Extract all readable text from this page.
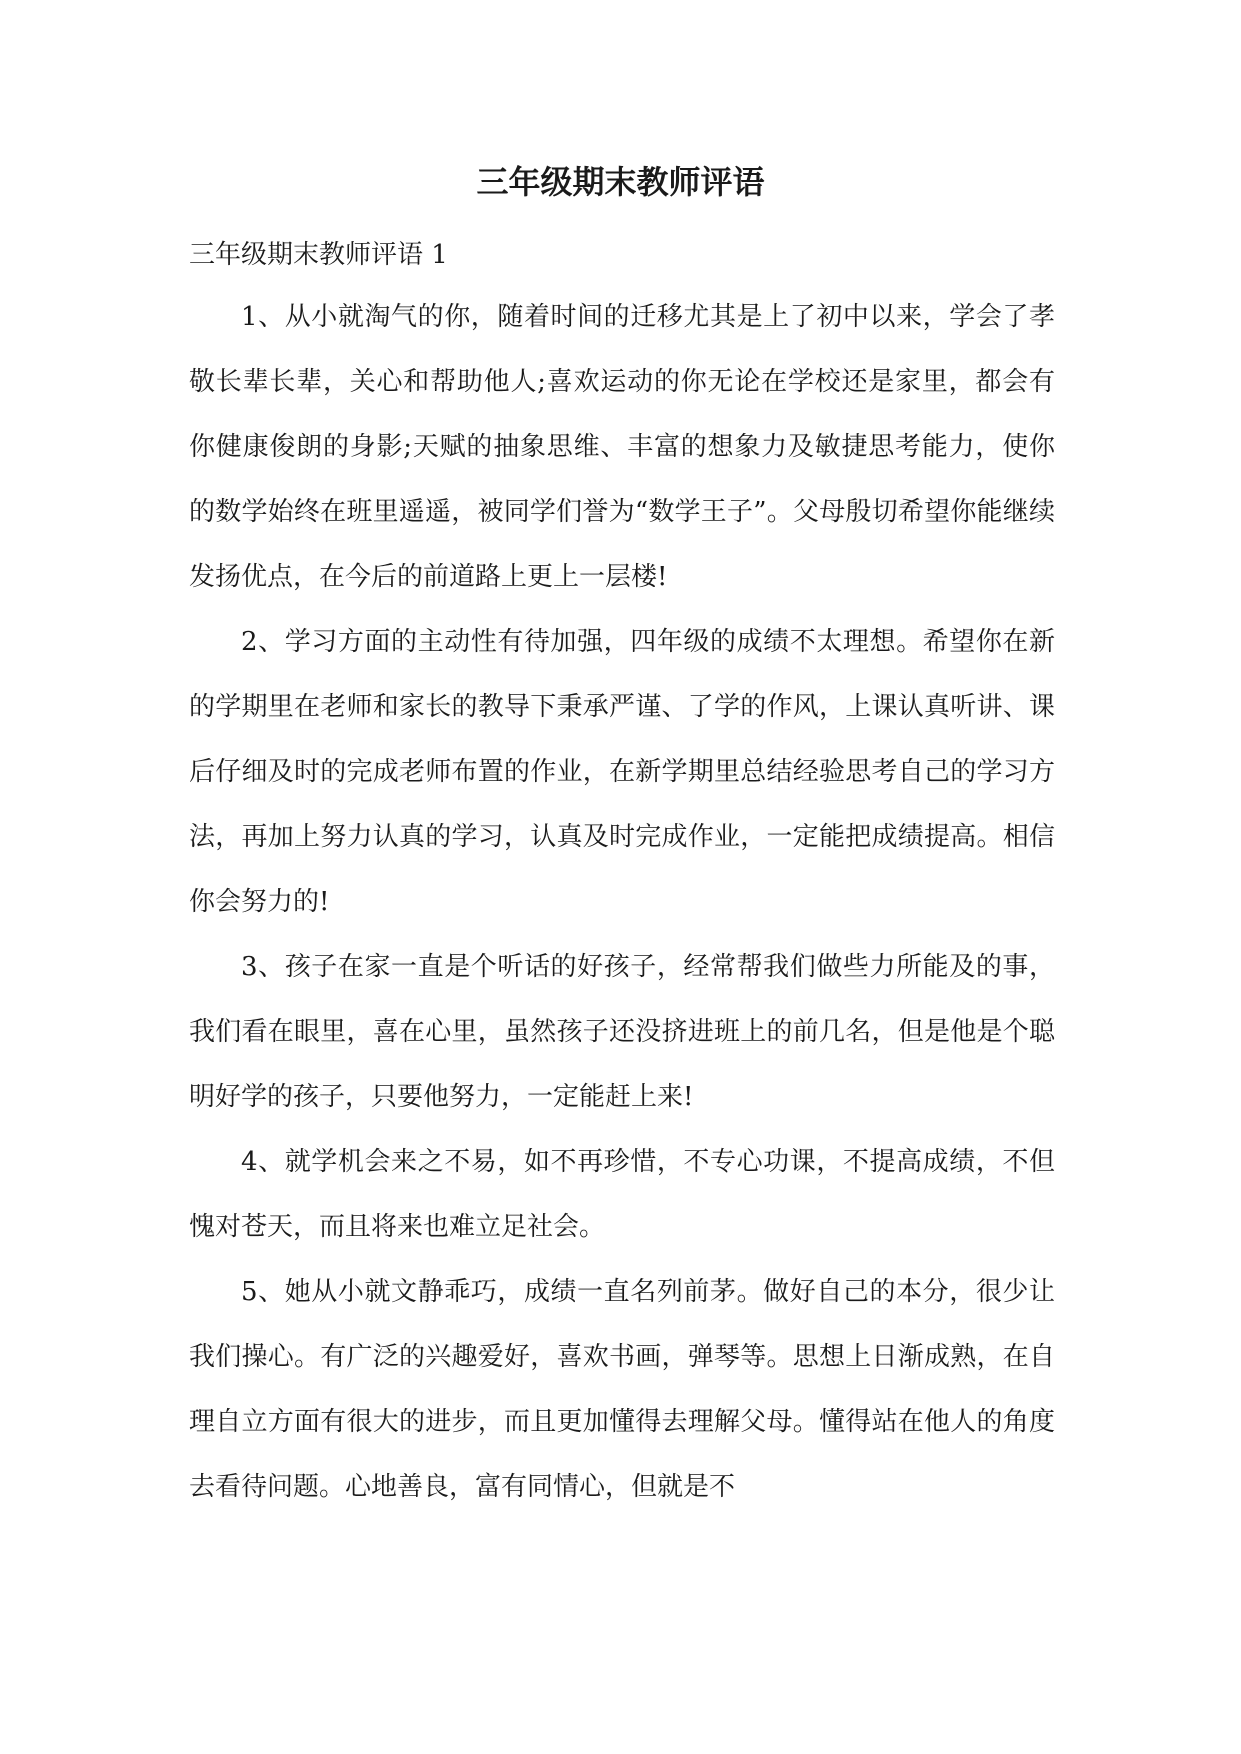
三年级期末教师评语

三年级期末教师评语 1

1、从小就淘气的你，随着时间的迁移尤其是上了初中以来，学会了孝敬长辈长辈，关心和帮助他人;喜欢运动的你无论在学校还是家里，都会有你健康俊朗的身影;天赋的抽象思维、丰富的想象力及敏捷思考能力，使你的数学始终在班里遥遥，被同学们誉为“数学王子”。父母殷切希望你能继续发扬优点，在今后的前道路上更上一层楼!

2、学习方面的主动性有待加强，四年级的成绩不太理想。希望你在新的学期里在老师和家长的教导下秉承严谨、了学的作风，上课认真听讲、课后仔细及时的完成老师布置的作业，在新学期里总结经验思考自己的学习方法，再加上努力认真的学习，认真及时完成作业，一定能把成绩提高。相信你会努力的!

3、孩子在家一直是个听话的好孩子，经常帮我们做些力所能及的事，我们看在眼里，喜在心里，虽然孩子还没挤进班上的前几名，但是他是个聪明好学的孩子，只要他努力，一定能赶上来!

4、就学机会来之不易，如不再珍惜，不专心功课，不提高成绩，不但愧对苍天，而且将来也难立足社会。

5、她从小就文静乖巧，成绩一直名列前茅。做好自己的本分，很少让我们操心。有广泛的兴趣爱好，喜欢书画，弹琴等。思想上日渐成熟，在自理自立方面有很大的进步，而且更加懂得去理解父母。懂得站在他人的角度去看待问题。心地善良，富有同情心，但就是不
